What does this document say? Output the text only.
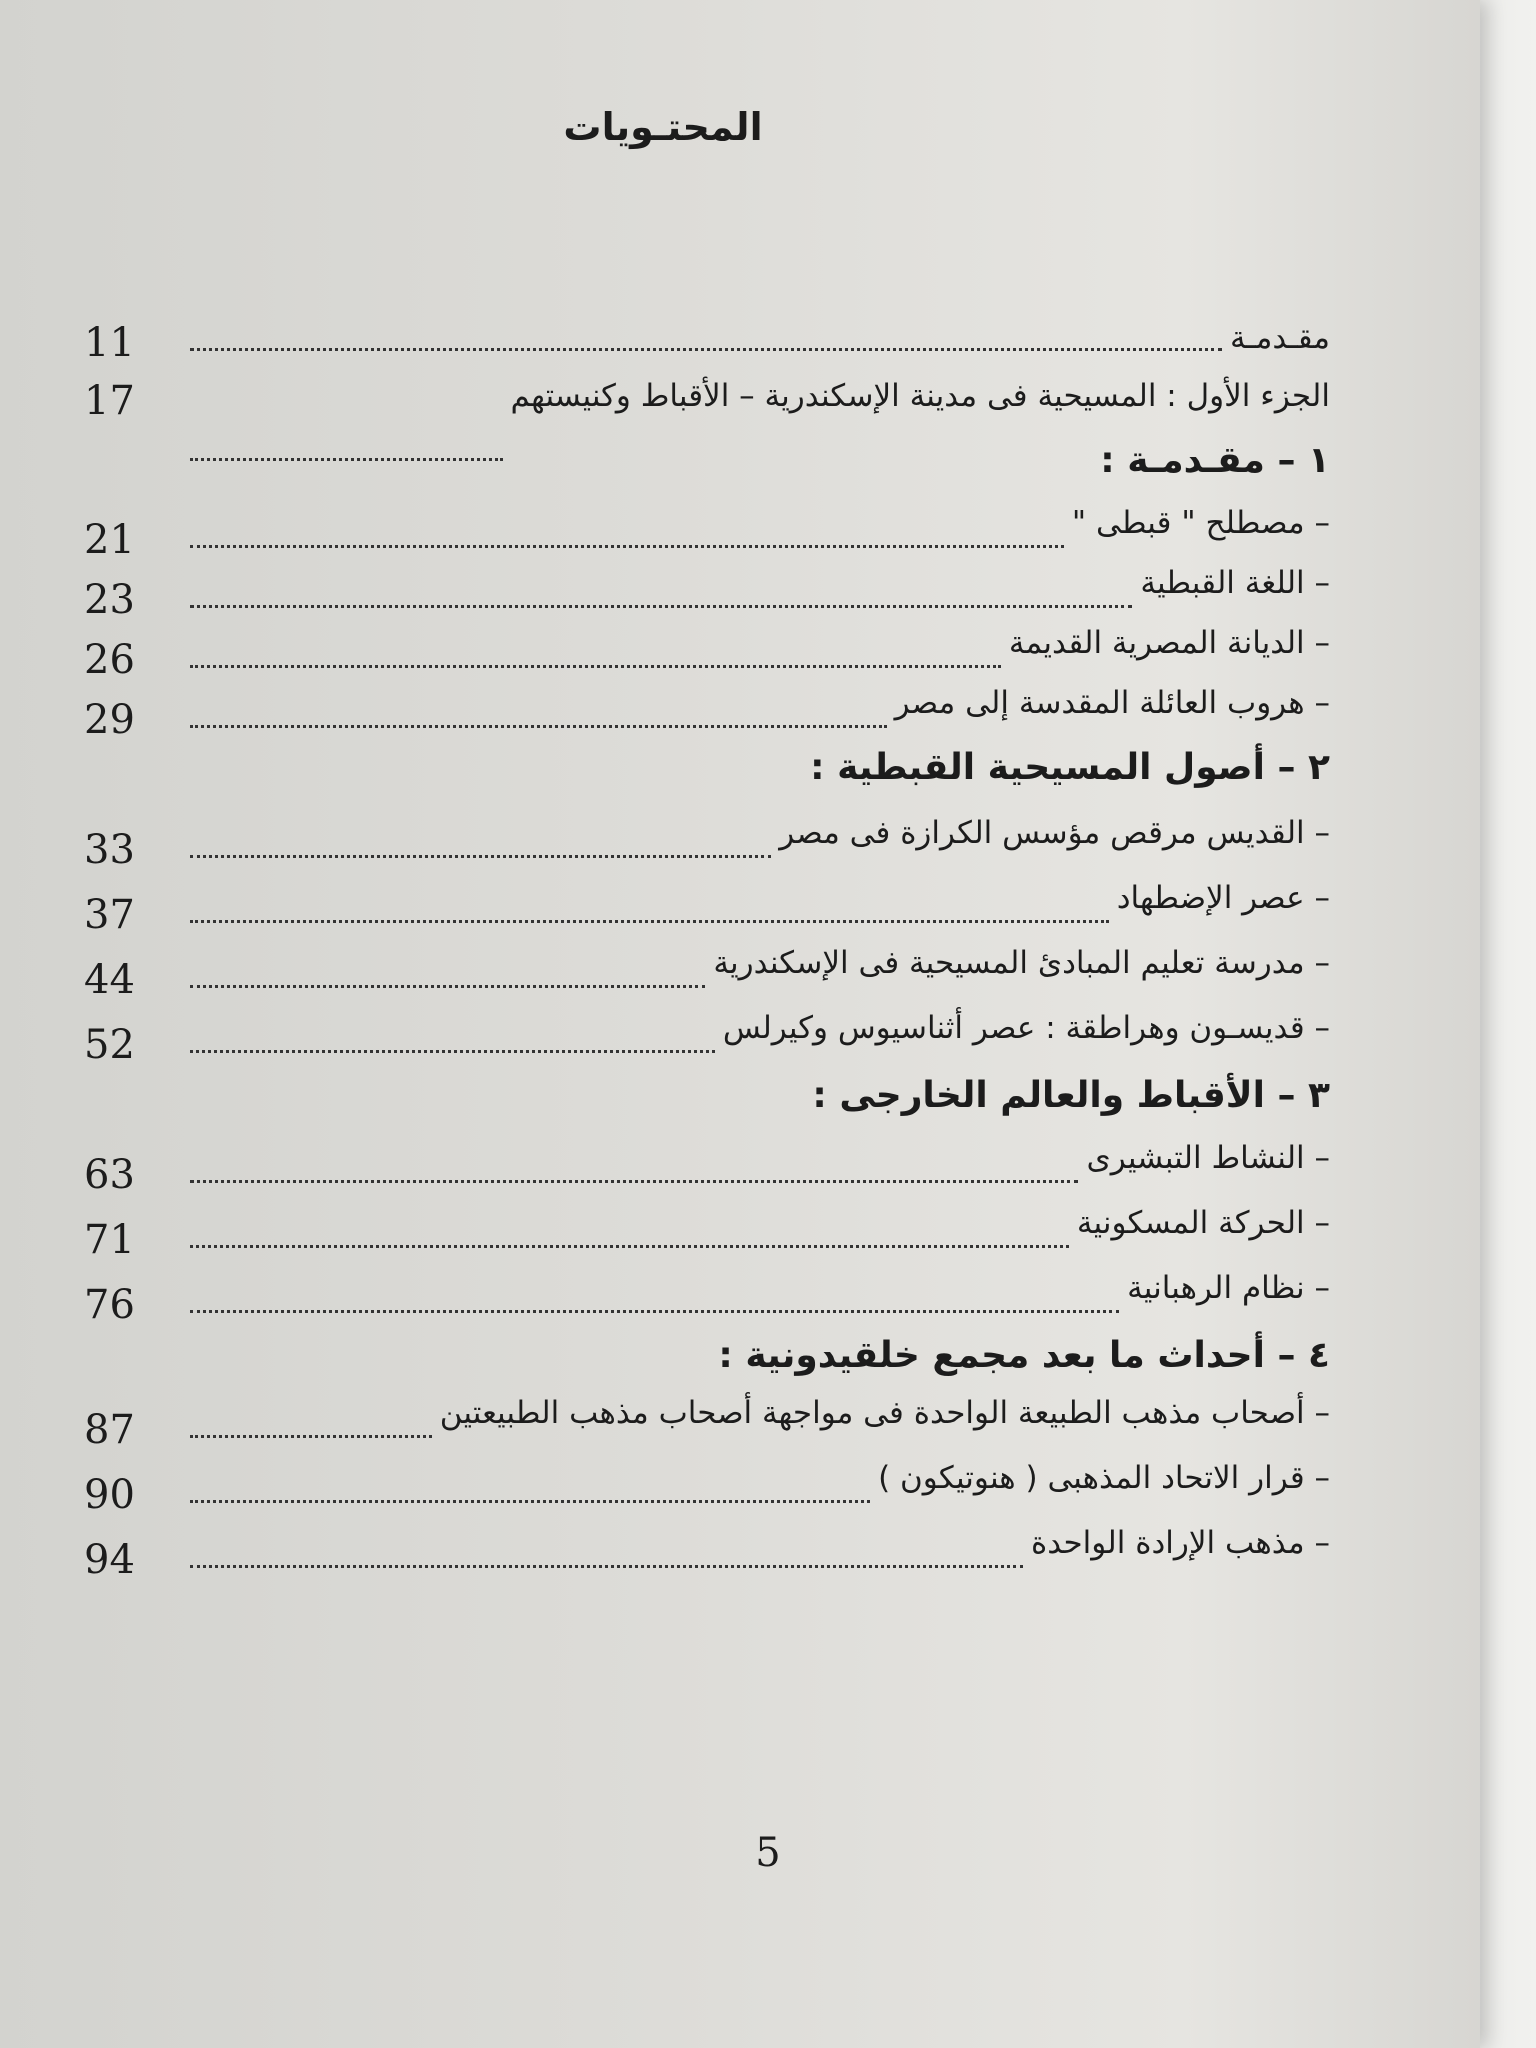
المحتـويات
مقـدمـة
11
الجزء الأول : المسيحية فى مدينة الإسكندرية – الأقباط وكنيستهم
17
١ – مقـدمـة :
– مصطلح " قبطى "
21
– اللغة القبطية
23
– الديانة المصرية القديمة
26
– هروب العائلة المقدسة إلى مصر
29
٢ – أصول المسيحية القبطية :
– القديس مرقص مؤسس الكرازة فى مصر
33
– عصر الإضطهاد
37
– مدرسة تعليم المبادئ المسيحية فى الإسكندرية
44
– قديسـون وهراطقة : عصر أثناسيوس وكيرلس
52
٣ – الأقباط والعالم الخارجى :
– النشاط التبشيرى
63
– الحركة المسكونية
71
– نظام الرهبانية
76
٤ – أحداث ما بعد مجمع خلقيدونية :
– أصحاب مذهب الطبيعة الواحدة فى مواجهة أصحاب مذهب الطبيعتين
87
– قرار الاتحاد المذهبى ( هنوتيكون )
90
– مذهب الإرادة الواحدة
94
5
